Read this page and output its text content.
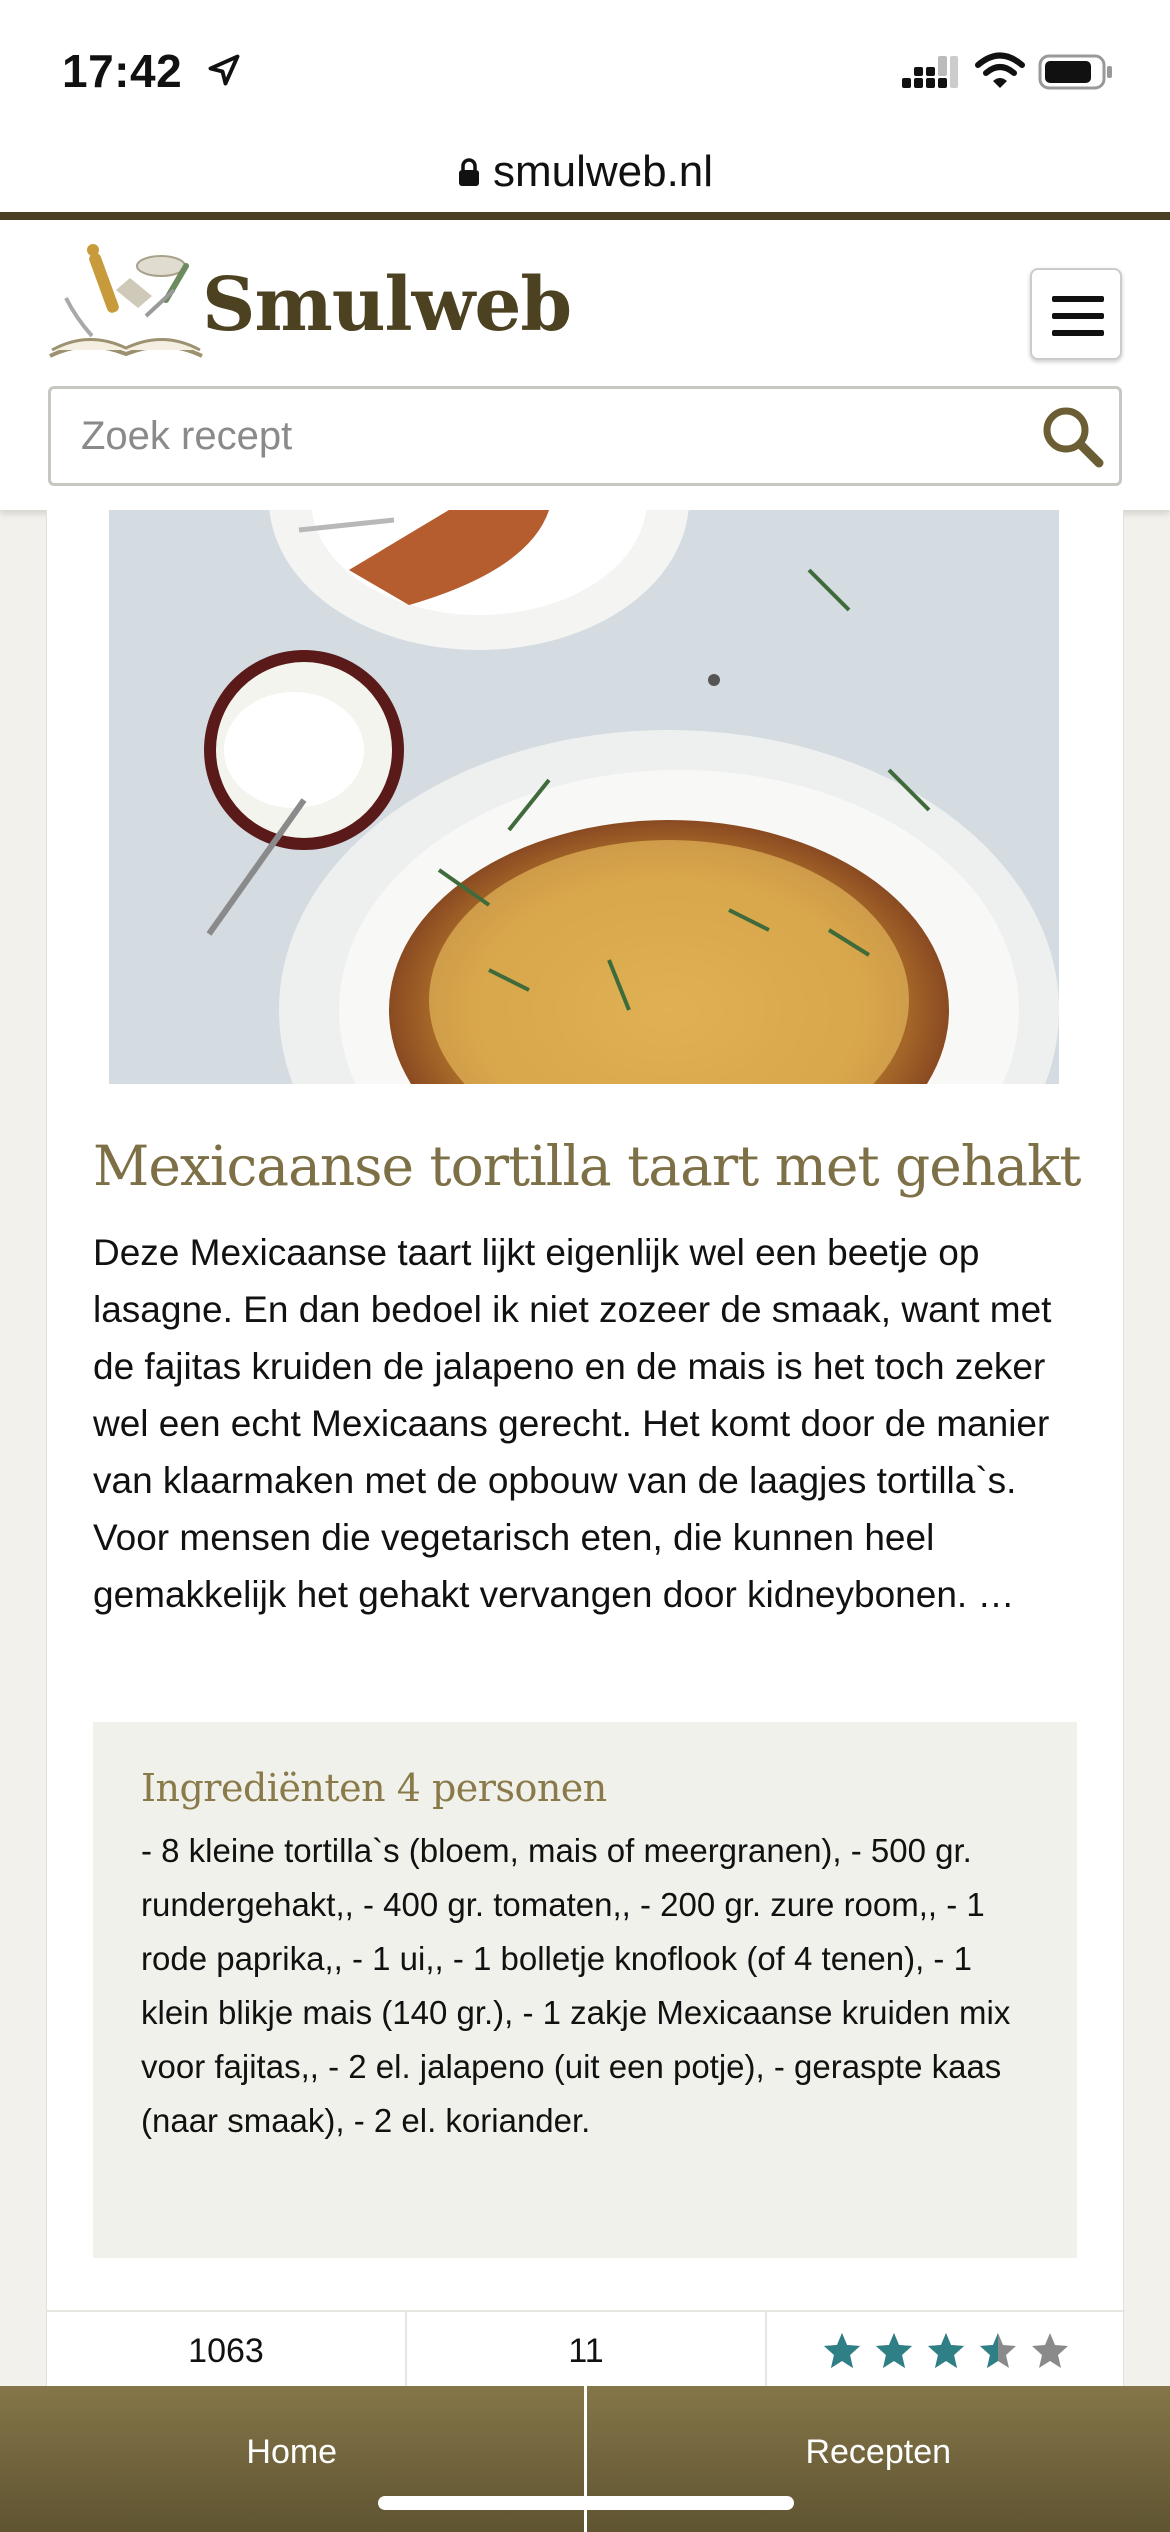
17:42
smulweb.nl
Smulweb
Zoek recept
Mexicaanse tortilla taart met gehakt

Deze Mexicaanse taart lijkt eigenlijk wel een beetje op lasagne. En dan bedoel ik niet zozeer de smaak, want met de fajitas kruiden de jalapeno en de mais is het toch zeker wel een echt Mexicaans gerecht. Het komt door de manier van klaarmaken met de opbouw van de laagjes tortilla`s. Voor mensen die vegetarisch eten, die kunnen heel gemakkelijk het gehakt vervangen door kidneybonen. …

Ingrediënten 4 personen
- 8 kleine tortilla`s (bloem, mais of meergranen), - 500 gr. rundergehakt,, - 400 gr. tomaten,, - 200 gr. zure room,, - 1 rode paprika,, - 1 ui,, - 1 bolletje knoflook (of 4 tenen), - 1 klein blikje mais (140 gr.), - 1 zakje Mexicaanse kruiden mix voor fajitas,, - 2 el. jalapeno (uit een potje), - geraspte kaas (naar smaak), - 2 el. koriander.
1063	11
Home	Recepten
